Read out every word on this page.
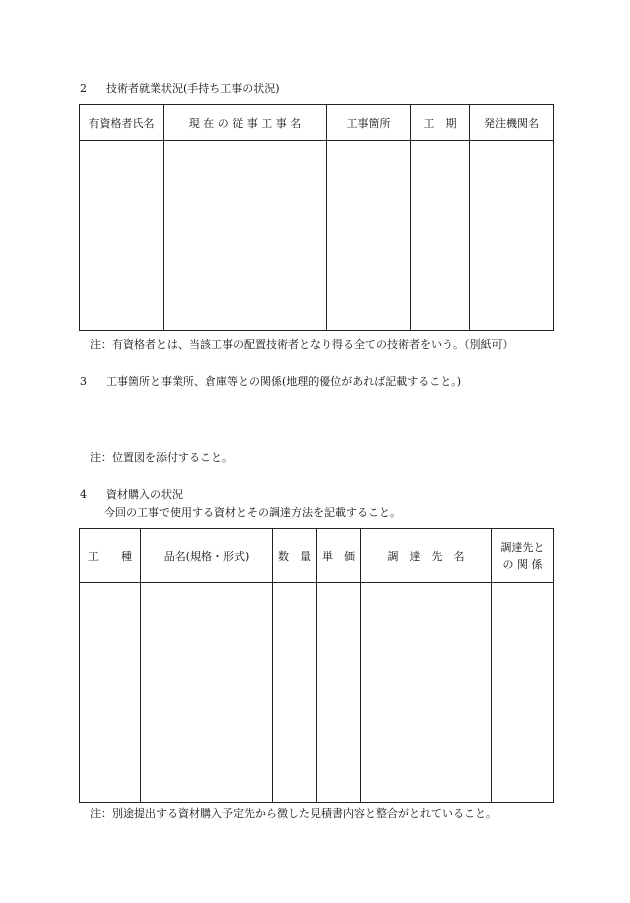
2 技術者就業状況(手持ち工事の状況)
有資格者氏名	現 在 の 従 事 工 事 名	工事箇所	工　期	発注機関名

注：有資格者とは、当該工事の配置技術者となり得る全ての技術者をいう。（別紙可）
3 工事箇所と事業所、倉庫等との関係(地理的優位があれば記載すること。)
注：位置図を添付すること。
4 資材購入の状況
今回の工事で使用する資材とその調達方法を記載すること。
工　　種	品名(規格・形式)	数　量	単　価	調　達　先　名	調達先と
の 関 係

注：別途提出する資材購入予定先から徴した見積書内容と整合がとれていること。
